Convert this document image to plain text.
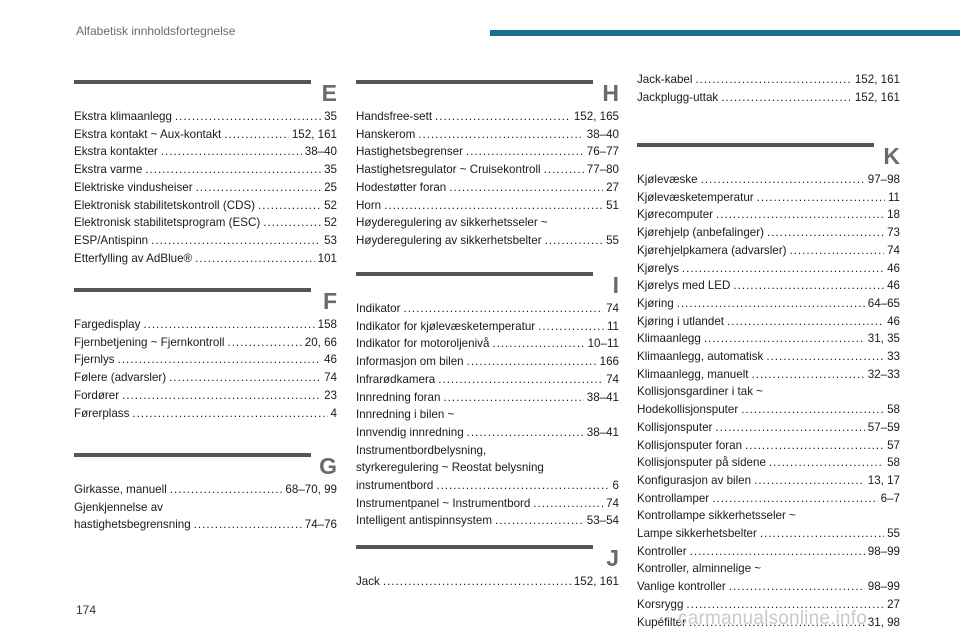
Alfabetisk innholdsfortegnelse
E
Ekstra klimaanlegg .....	35
Ekstra kontakt ~ Aux-kontakt .....	152, 161
Ekstra kontakter .....	38–40
Ekstra varme .....	35
Elektriske vindusheiser .....	25
Elektronisk stabilitetskontroll (CDS) .....	52
Elektronisk stabilitetsprogram (ESC) .....	52
ESP/Antispinn .....	53
Etterfylling av AdBlue® .....	101
F
Fargedisplay .....	158
Fjernbetjening ~ Fjernkontroll .....	20, 66
Fjernlys .....	46
Følere (advarsler) .....	74
Fordører .....	23
Førerplass .....	4
G
Girkasse, manuell .....	68–70, 99
Gjenkjennelse av
hastighetsbegrensning .....	74–76
H
Handsfree-sett .....	152, 165
Hanskerom .....	38–40
Hastighetsbegrenser .....	76–77
Hastighetsregulator ~ Cruisekontroll .....	77–80
Hodestøtter foran .....	27
Horn .....	51
Høyderegulering av sikkerhetsseler ~
Høyderegulering av sikkerhetsbelter .....	55
I
Indikator .....	74
Indikator for kjølevæsketemperatur .....	11
Indikator for motoroljenivå .....	10–11
Informasjon om bilen .....	166
Infrarødkamera .....	74
Innredning foran .....	38–41
Innredning i bilen ~
Innvendig innredning .....	38–41
Instrumentbordbelysning,
styrkeregulering ~ Reostat belysning
instrumentbord .....	6
Instrumentpanel ~ Instrumentbord .....	74
Intelligent antispinnsystem .....	53–54
J
Jack .....	152, 161
Jack-kabel .....	152, 161
Jackplugg-uttak .....	152, 161
K
Kjølevæske .....	97–98
Kjølevæsketemperatur .....	11
Kjørecomputer .....	18
Kjørehjelp (anbefalinger) .....	73
Kjørehjelpkamera (advarsler) .....	74
Kjørelys .....	46
Kjørelys med LED .....	46
Kjøring .....	64–65
Kjøring i utlandet .....	46
Klimaanlegg .....	31, 35
Klimaanlegg, automatisk .....	33
Klimaanlegg, manuelt .....	32–33
Kollisjonsgardiner i tak ~
Hodekollisjonsputer .....	58
Kollisjonsputer .....	57–59
Kollisjonsputer foran .....	57
Kollisjonsputer på sidene .....	58
Konfigurasjon av bilen .....	13, 17
Kontrollamper .....	6–7
Kontrollampe sikkerhetsseler ~
Lampe sikkerhetsbelter .....	55
Kontroller .....	98–99
Kontroller, alminnelige ~
Vanlige kontroller .....	98–99
Korsrygg .....	27
Kupéfilter .....	31, 98
174	carmanualsonline.info
